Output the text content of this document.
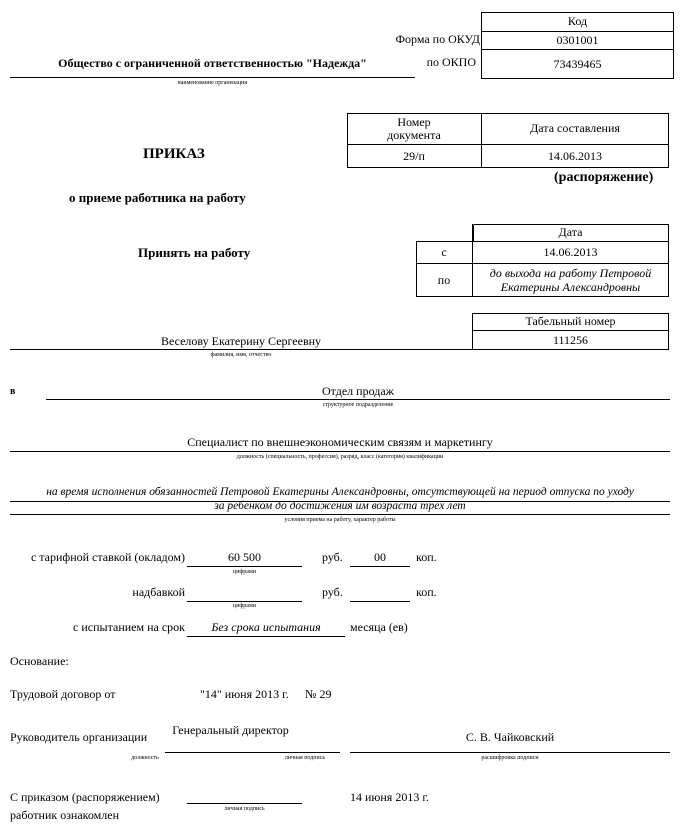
Код
Форма по ОКУД	0301001
по ОКПО	73439465
Общество с ограниченной ответственностью "Надежда"
наименование организации
Номер документа	Дата составления
29/п	14.06.2013
ПРИКАЗ
(распоряжение)
о приеме работника на работу
Принять на работу
Дата
с	14.06.2013
по	до выхода на работу Петровой Екатерины Александровны
Табельный номер
111256
Веселову Екатерину Сергеевну
фамилия, имя, отчество
в	Отдел продаж
структурное подразделение
Специалист по внешнеэкономическим связям и маркетингу
должность (специальность, профессия), разряд, класс (категория) квалификации
на время исполнения обязанностей Петровой Екатерины Александровны, отсутствующей на период отпуска по уходу
за ребенком до достижения им возраста трех лет
условия приема на работу, характер работы
с тарифной ставкой (окладом)	60 500
цифрами
руб.	00	коп.
надбавкой
цифрами
руб.	коп.
с испытанием на срок	Без срока испытания	месяца (ев)
Основание:
Трудовой договор от	"14" июня 2013 г. № 29
Руководитель организации	Генеральный директор
должность	личная подпись
С. В. Чайковский
расшифровка подписи
С приказом (распоряжением)
работник ознакомлен	личная подпись
14 июня 2013 г.
